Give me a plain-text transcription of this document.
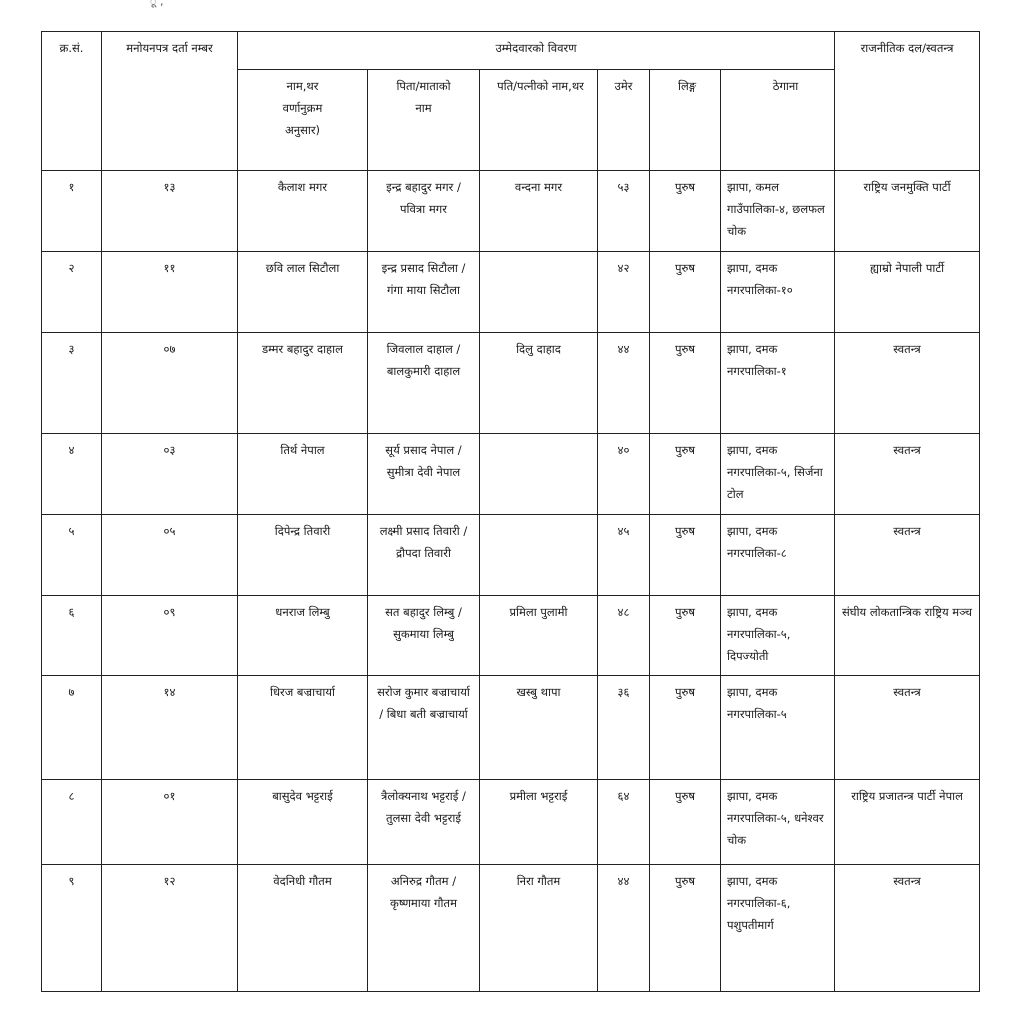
ू ,
क्र.सं.	मनोयनपत्र दर्ता नम्बर	उम्मेदवारको विवरण						राजनीतिक दल/स्वतन्त्र
		नाम,थर वर्णानुक्रम अनुसार)	पिता/माताको नाम	पति/पत्नीको नाम,थर	उमेर	लिङ्ग	ठेगाना	
१	१३	कैलाश मगर	इन्द्र बहादुर मगर / पवित्रा मगर	वन्दना मगर	५३	पुरुष	झापा, कमल गाउँपालिका-४, छलफल चोक	राष्ट्रिय जनमुक्ति पार्टी
२	११	छवि लाल सिटौला	इन्द्र प्रसाद सिटौला / गंगा माया सिटौला		४२	पुरुष	झापा, दमक नगरपालिका-१०	ह्याम्रो नेपाली पार्टी
३	०७	डम्मर बहादुर दाहाल	जिवलाल दाहाल / बालकुमारी दाहाल	दिलु दाहाद	४४	पुरुष	झापा, दमक नगरपालिका-१	स्वतन्त्र
४	०३	तिर्थ नेपाल	सूर्य प्रसाद नेपाल / सुमीत्रा देवी नेपाल		४०	पुरुष	झापा, दमक नगरपालिका-५, सिर्जना टोल	स्वतन्त्र
५	०५	दिपेन्द्र तिवारी	लक्ष्मी प्रसाद तिवारी / द्रौपदा तिवारी		४५	पुरुष	झापा, दमक नगरपालिका-८	स्वतन्त्र
६	०९	धनराज लिम्बु	सत बहादुर लिम्बु / सुकमाया लिम्बु	प्रमिला पुलामी	४८	पुरुष	झापा, दमक नगरपालिका-५, दिपज्योती	संघीय लोकतान्त्रिक राष्ट्रिय मञ्च
७	१४	धिरज बज्राचार्या	सरोज कुमार बज्राचार्या / बिधा बती बज्राचार्या	खस्बु थापा	३६	पुरुष	झापा, दमक नगरपालिका-५	स्वतन्त्र
८	०१	बासुदेव भट्टराई	त्रैलोक्यनाथ भट्टराई / तुलसा देवी भट्टराई	प्रमीला भट्टराई	६४	पुरुष	झापा, दमक नगरपालिका-५, धनेश्वर चोक	राष्ट्रिय प्रजातन्त्र पार्टी नेपाल
९	१२	वेदनिधी गौतम	अनिरुद्र गौतम / कृष्णमाया गौतम	निरा गौतम	४४	पुरुष	झापा, दमक नगरपालिका-६, पशुपतीमार्ग	स्वतन्त्र
